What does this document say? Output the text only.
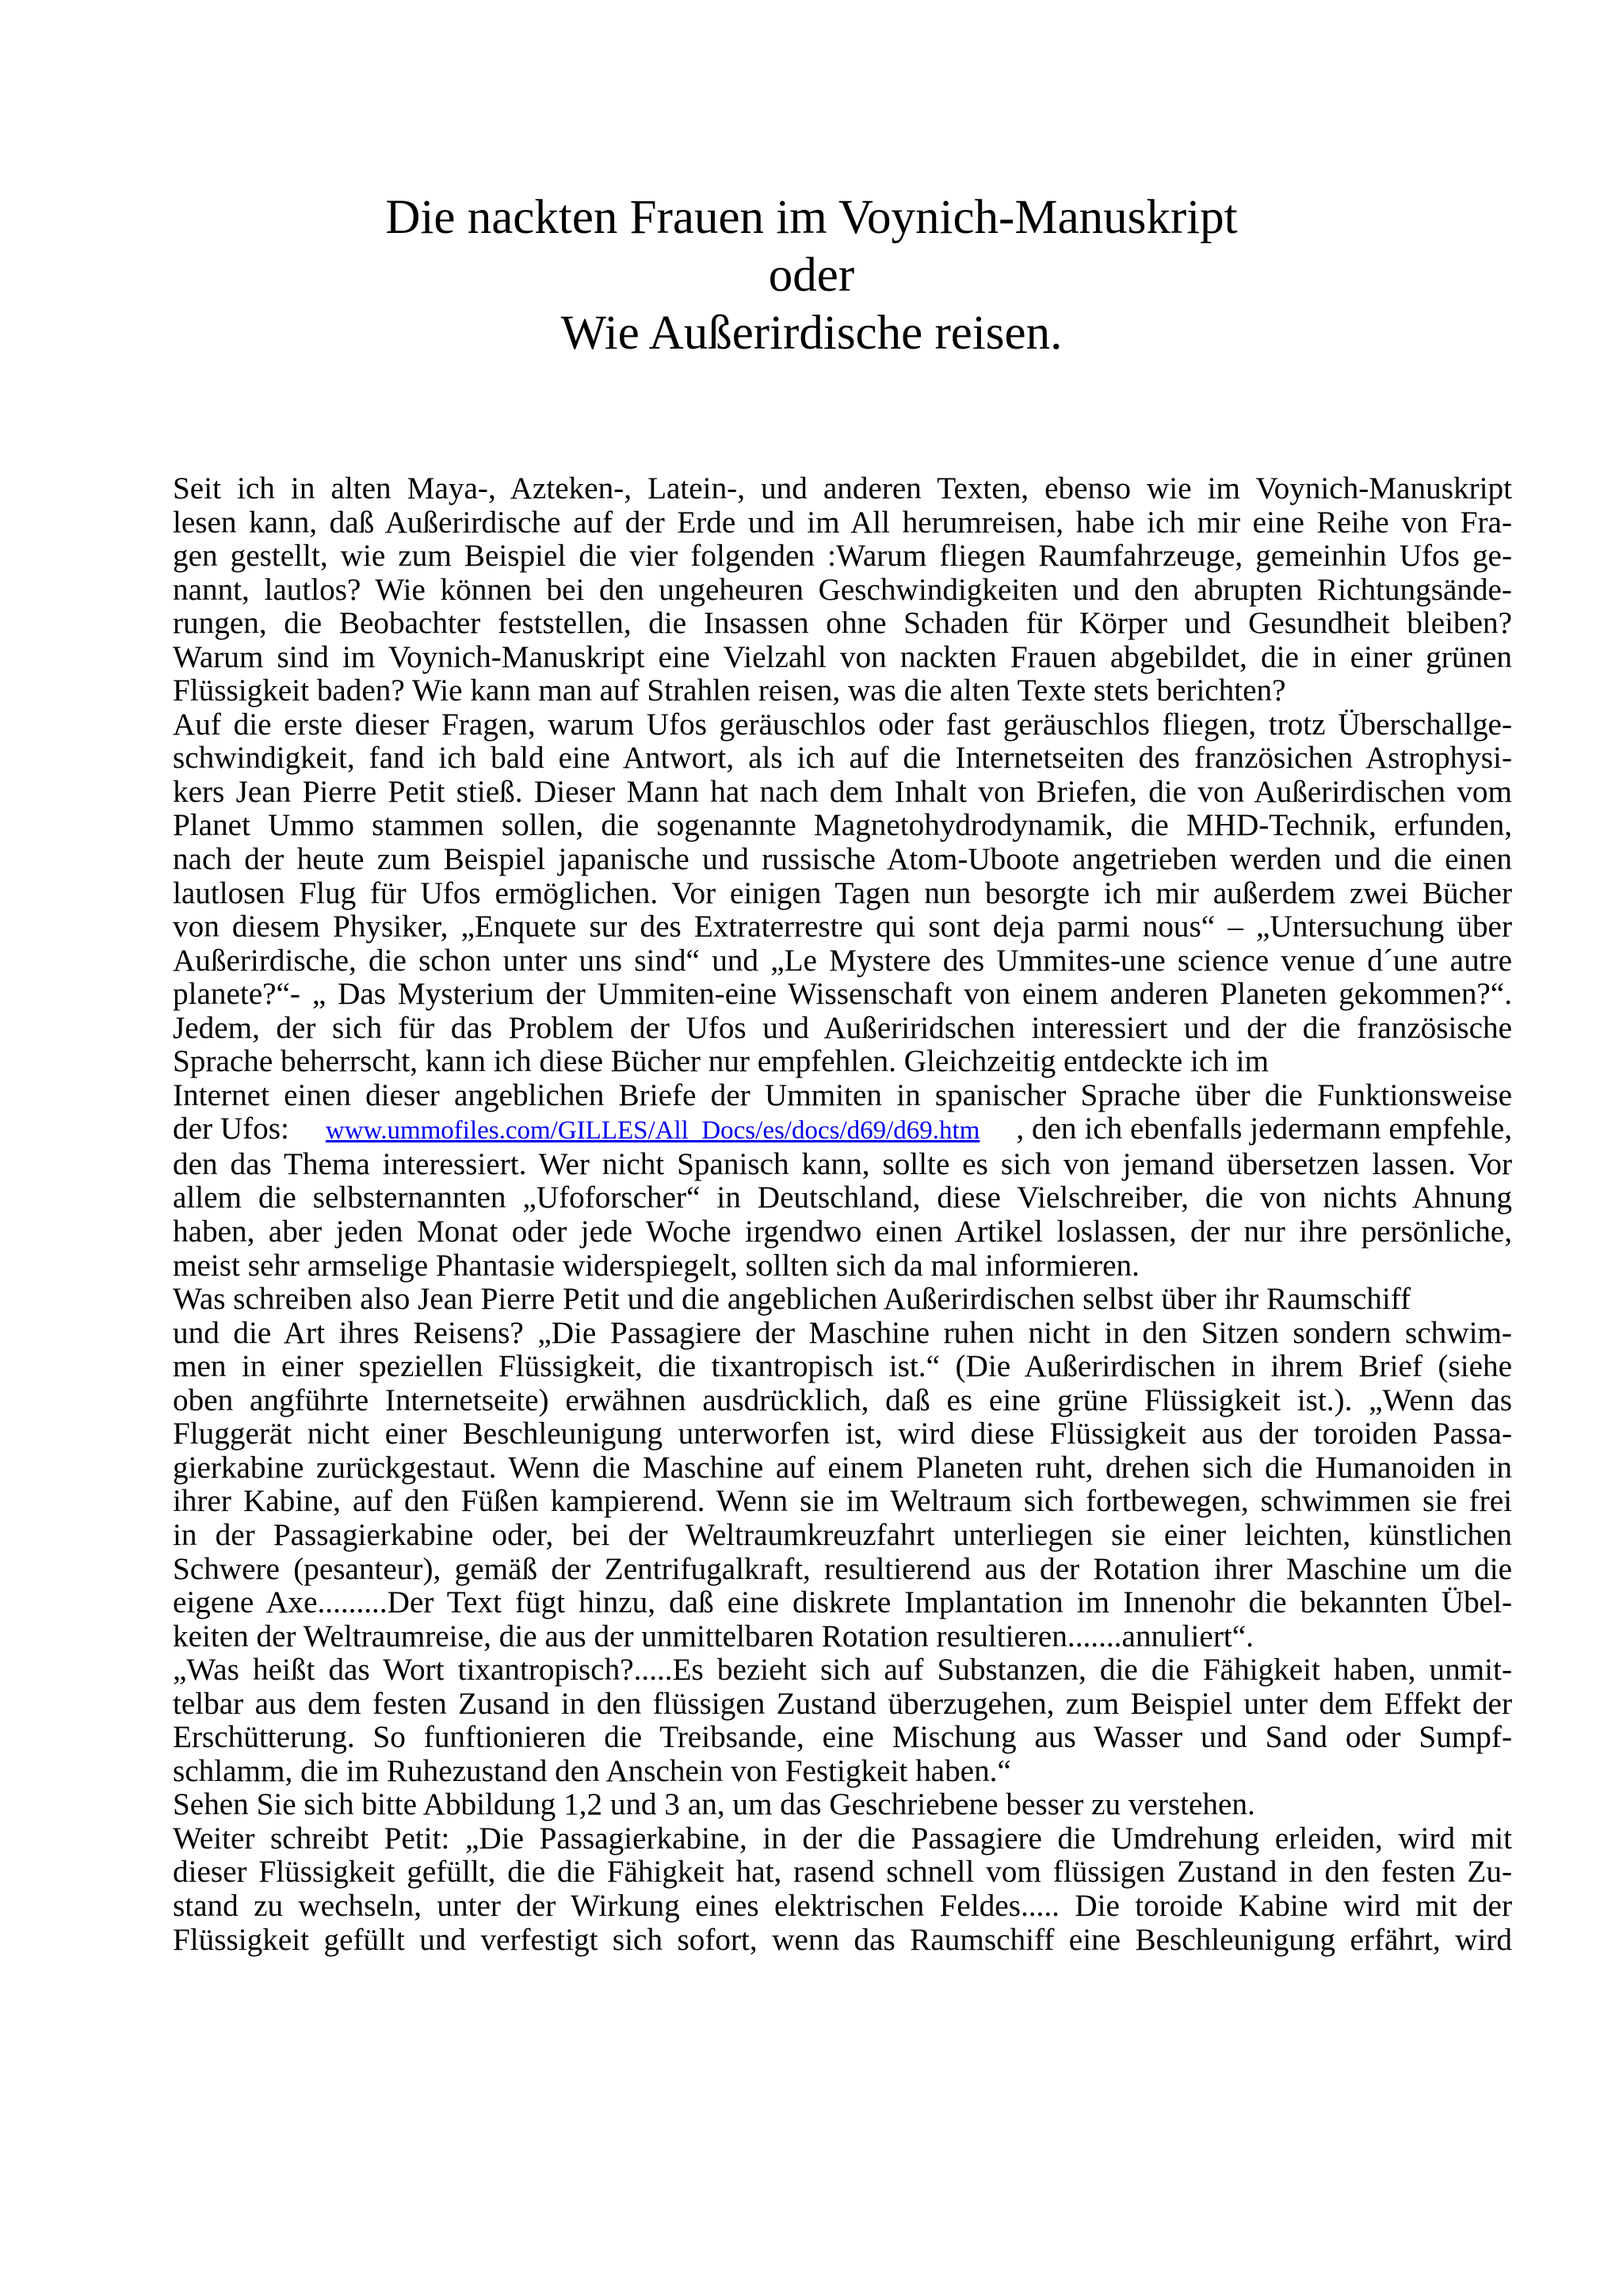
Die nackten Frauen im Voynich-Manuskript
oder
Wie Außerirdische reisen.
Seit ich in alten Maya-, Azteken-, Latein-, und anderen Texten, ebenso wie im Voynich-Manuskript
lesen kann, daß Außerirdische auf der Erde und im All herumreisen, habe ich mir eine Reihe von Fra-
gen gestellt, wie zum Beispiel die vier folgenden :Warum fliegen Raumfahrzeuge, gemeinhin Ufos ge-
nannt, lautlos? Wie können bei den ungeheuren Geschwindigkeiten und den abrupten Richtungsände-
rungen, die Beobachter feststellen, die Insassen ohne Schaden für Körper und Gesundheit bleiben?
Warum sind im Voynich-Manuskript eine Vielzahl von nackten Frauen abgebildet, die in einer grünen
Flüssigkeit baden? Wie kann man auf Strahlen reisen, was die alten Texte stets berichten?
Auf die erste dieser Fragen, warum Ufos geräuschlos oder fast geräuschlos fliegen, trotz Überschallge-
schwindigkeit, fand ich bald eine Antwort, als ich auf die Internetseiten des französichen Astrophysi-
kers Jean Pierre Petit stieß. Dieser Mann hat nach dem Inhalt von Briefen, die von Außerirdischen vom
Planet Ummo stammen sollen, die sogenannte Magnetohydrodynamik, die MHD-Technik, erfunden,
nach der heute zum Beispiel japanische und russische Atom-Uboote angetrieben werden und die einen
lautlosen Flug für Ufos ermöglichen. Vor einigen Tagen nun besorgte ich mir außerdem zwei Bücher
von diesem Physiker, „Enquete sur des Extraterrestre qui sont deja parmi nous“ – „Untersuchung über
Außerirdische, die schon unter uns sind“ und „Le Mystere des Ummites-une science venue d´une autre
planete?“- „ Das Mysterium der Ummiten-eine Wissenschaft von einem anderen Planeten gekommen?“.
Jedem, der sich für das Problem der Ufos und Außeriridschen interessiert und der die französische
Sprache beherrscht, kann ich diese Bücher nur empfehlen. Gleichzeitig entdeckte ich im
Internet einen dieser angeblichen Briefe der Ummiten in spanischer Sprache über die Funktionsweise
der Ufos: www.ummofiles.com/GILLES/All_Docs/es/docs/d69/d69.htm , den ich ebenfalls jedermann empfehle,
den das Thema interessiert. Wer nicht Spanisch kann, sollte es sich von jemand übersetzen lassen. Vor
allem die selbsternannten „Ufoforscher“ in Deutschland, diese Vielschreiber, die von nichts Ahnung
haben, aber jeden Monat oder jede Woche irgendwo einen Artikel loslassen, der nur ihre persönliche,
meist sehr armselige Phantasie widerspiegelt, sollten sich da mal informieren.
Was schreiben also Jean Pierre Petit und die angeblichen Außerirdischen selbst über ihr Raumschiff
und die Art ihres Reisens? „Die Passagiere der Maschine ruhen nicht in den Sitzen sondern schwim-
men in einer speziellen Flüssigkeit, die tixantropisch ist.“ (Die Außerirdischen in ihrem Brief (siehe
oben angführte Internetseite) erwähnen ausdrücklich, daß es eine grüne Flüssigkeit ist.). „Wenn das
Fluggerät nicht einer Beschleunigung unterworfen ist, wird diese Flüssigkeit aus der toroiden Passa-
gierkabine zurückgestaut. Wenn die Maschine auf einem Planeten ruht, drehen sich die Humanoiden in
ihrer Kabine, auf den Füßen kampierend. Wenn sie im Weltraum sich fortbewegen, schwimmen sie frei
in der Passagierkabine oder, bei der Weltraumkreuzfahrt unterliegen sie einer leichten, künstlichen
Schwere (pesanteur), gemäß der Zentrifugalkraft, resultierend aus der Rotation ihrer Maschine um die
eigene Axe.........Der Text fügt hinzu, daß eine diskrete Implantation im Innenohr die bekannten Übel-
keiten der Weltraumreise, die aus der unmittelbaren Rotation resultieren.......annuliert“.
„Was heißt das Wort tixantropisch?.....Es bezieht sich auf Substanzen, die die Fähigkeit haben, unmit-
telbar aus dem festen Zusand in den flüssigen Zustand überzugehen, zum Beispiel unter dem Effekt der
Erschütterung. So funftionieren die Treibsande, eine Mischung aus Wasser und Sand oder Sumpf-
schlamm, die im Ruhezustand den Anschein von Festigkeit haben.“
Sehen Sie sich bitte Abbildung 1,2 und 3 an, um das Geschriebene besser zu verstehen.
Weiter schreibt Petit: „Die Passagierkabine, in der die Passagiere die Umdrehung erleiden, wird mit
dieser Flüssigkeit gefüllt, die die Fähigkeit hat, rasend schnell vom flüssigen Zustand in den festen Zu-
stand zu wechseln, unter der Wirkung eines elektrischen Feldes..... Die toroide Kabine wird mit der
Flüssigkeit gefüllt und verfestigt sich sofort, wenn das Raumschiff eine Beschleunigung erfährt, wird
